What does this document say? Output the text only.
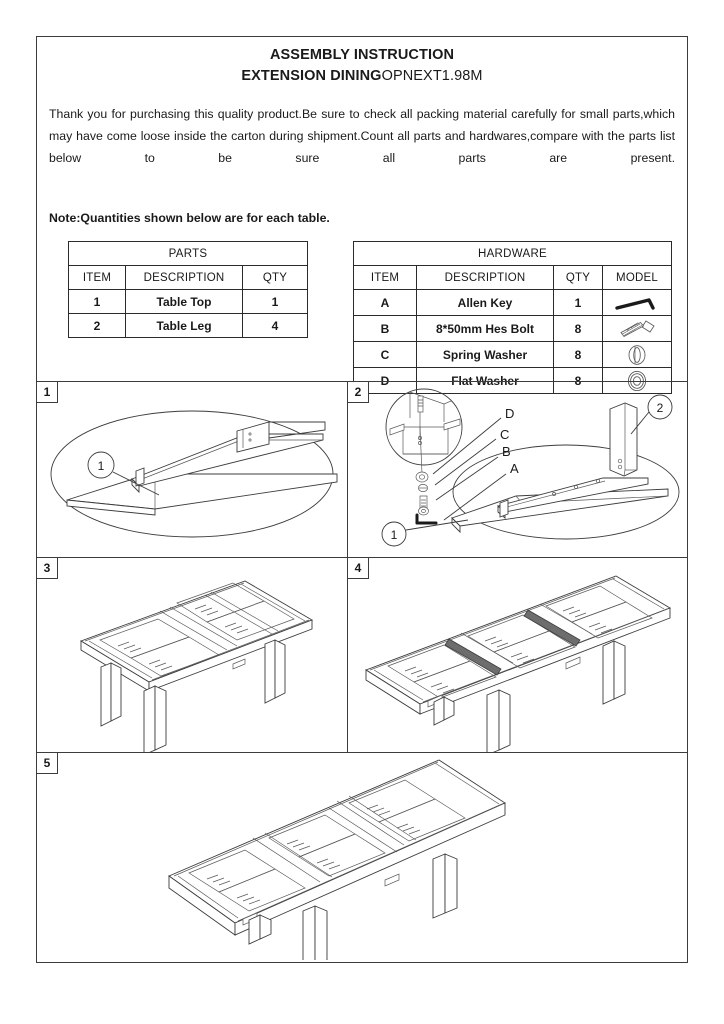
ASSEMBLY INSTRUCTION
EXTENSION DININGOPNEXT1.98M
Thank you for purchasing this quality product.Be sure to check all packing material carefully for small parts,which may have come loose inside the carton during shipment.Count all parts and hardwares,compare with the parts list below to be sure all parts are present.
Note:Quantities shown below are for each table.
PARTS		
ITEM	DESCRIPTION	QTY
1	Table Top	1
2	Table Leg	4
HARDWARE			
ITEM	DESCRIPTION	QTY	MODEL
A	Allen Key	1	

B	8*50mm Hes Bolt	8	

C	Spring Washer	8	

D	Flat Washer	8	
1
1
2
2
1
D
C
B
A
3	4
5
